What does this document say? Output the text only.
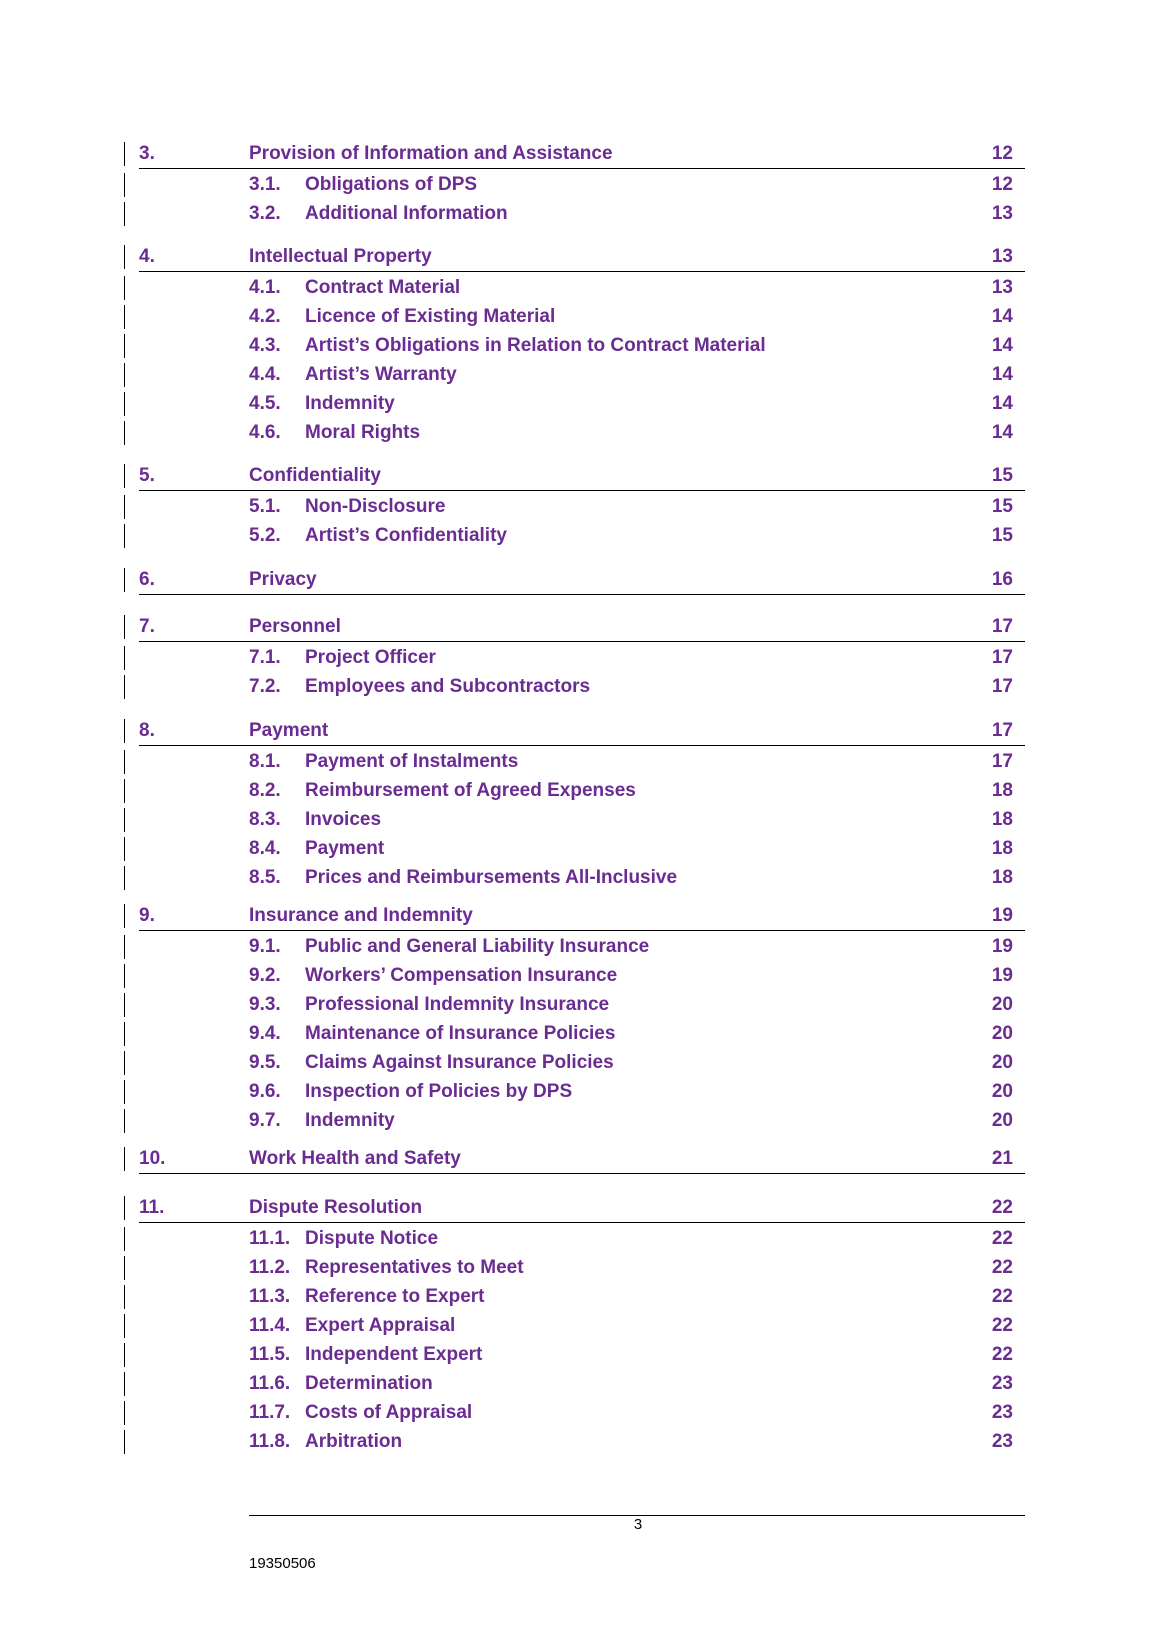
3.	Provision of Information and Assistance	12
3.1. Obligations of DPS	12
3.2. Additional Information	13
4.	Intellectual Property	13
4.1. Contract Material	13
4.2. Licence of Existing Material	14
4.3. Artist’s Obligations in Relation to Contract Material	14
4.4. Artist’s Warranty	14
4.5. Indemnity	14
4.6. Moral Rights	14
5.	Confidentiality	15
5.1. Non-Disclosure	15
5.2. Artist’s Confidentiality	15
6.	Privacy	16
7.	Personnel	17
7.1. Project Officer	17
7.2. Employees and Subcontractors	17
8.	Payment	17
8.1. Payment of Instalments	17
8.2. Reimbursement of Agreed Expenses	18
8.3. Invoices	18
8.4. Payment	18
8.5. Prices and Reimbursements All-Inclusive	18
9.	Insurance and Indemnity	19
9.1. Public and General Liability Insurance	19
9.2. Workers’ Compensation Insurance	19
9.3. Professional Indemnity Insurance	20
9.4. Maintenance of Insurance Policies	20
9.5. Claims Against Insurance Policies	20
9.6. Inspection of Policies by DPS	20
9.7. Indemnity	20
10.	Work Health and Safety	21
11.	Dispute Resolution	22
11.1. Dispute Notice	22
11.2. Representatives to Meet	22
11.3. Reference to Expert	22
11.4. Expert Appraisal	22
11.5. Independent Expert	22
11.6. Determination	23
11.7. Costs of Appraisal	23
11.8. Arbitration	23
3
19350506
